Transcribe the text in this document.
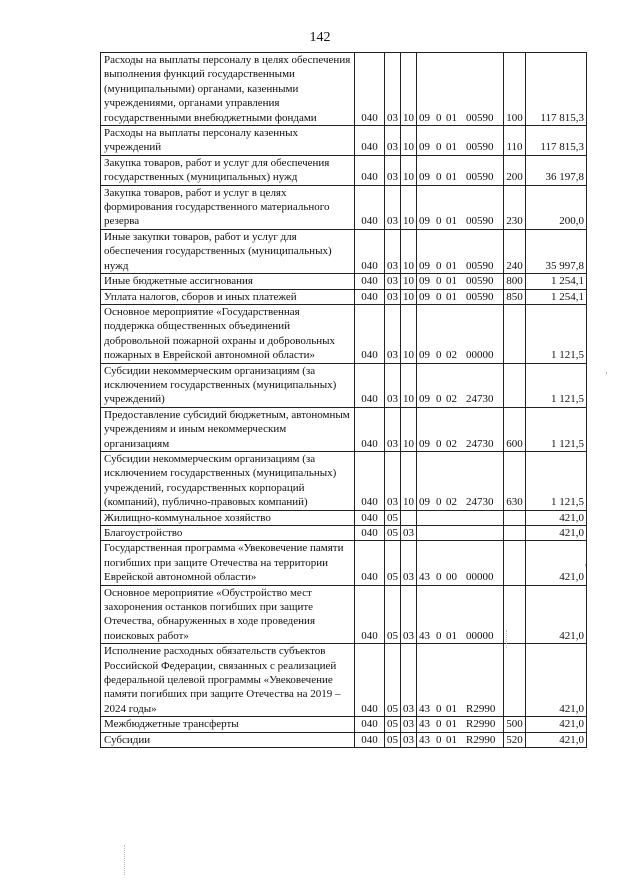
142
Расходы на выплаты персоналу в целях обеспечения выполнения функций государственными (муниципальными) органами, казенными учреждениями, органами управления государственными внебюджетными фондами	040	03	10	09 0 01 00590	100	117 815,3
Расходы на выплаты персоналу казенных учреждений	040	03	10	09 0 01 00590	110	117 815,3
Закупка товаров, работ и услуг для обеспечения государственных (муниципальных) нужд	040	03	10	09 0 01 00590	200	36 197,8
Закупка товаров, работ и услуг в целях формирования государственного материального резерва	040	03	10	09 0 01 00590	230	200,0
Иные закупки товаров, работ и услуг для обеспечения государственных (муниципальных) нужд	040	03	10	09 0 01 00590	240	35 997,8
Иные бюджетные ассигнования	040	03	10	09 0 01 00590	800	1 254,1
Уплата налогов, сборов и иных платежей	040	03	10	09 0 01 00590	850	1 254,1
Основное мероприятие «Государственная поддержка общественных объединений добровольной пожарной охраны и добровольных пожарных в Еврейской автономной области»	040	03	10	09 0 02 00000		1 121,5
Субсидии некоммерческим организациям (за исключением государственных (муниципальных) учреждений)	040	03	10	09 0 02 24730		1 121,5
Предоставление субсидий бюджетным, автономным учреждениям и иным некоммерческим организациям	040	03	10	09 0 02 24730	600	1 121,5
Субсидии некоммерческим организациям (за исключением государственных (муниципальных) учреждений, государственных корпораций (компаний), публично-правовых компаний)	040	03	10	09 0 02 24730	630	1 121,5
Жилищно-коммунальное хозяйство	040	05				421,0
Благоустройство	040	05	03			421,0
Государственная программа «Увековечение памяти погибших при защите Отечества на территории Еврейской автономной области»	040	05	03	43 0 00 00000		421,0
Основное мероприятие «Обустройство мест захоронения останков погибших при защите Отечества, обнаруженных в ходе проведения поисковых работ»	040	05	03	43 0 01 00000		421,0
Исполнение расходных обязательств субъектов Российской Федерации, связанных с реализацией федеральной целевой программы «Увековечение памяти погибших при защите Отечества на 2019 – 2024 годы»	040	05	03	43 0 01 R2990		421,0
Межбюджетные трансферты	040	05	03	43 0 01 R2990	500	421,0
Субсидии	040	05	03	43 0 01 R2990	520	421,0
·
·
